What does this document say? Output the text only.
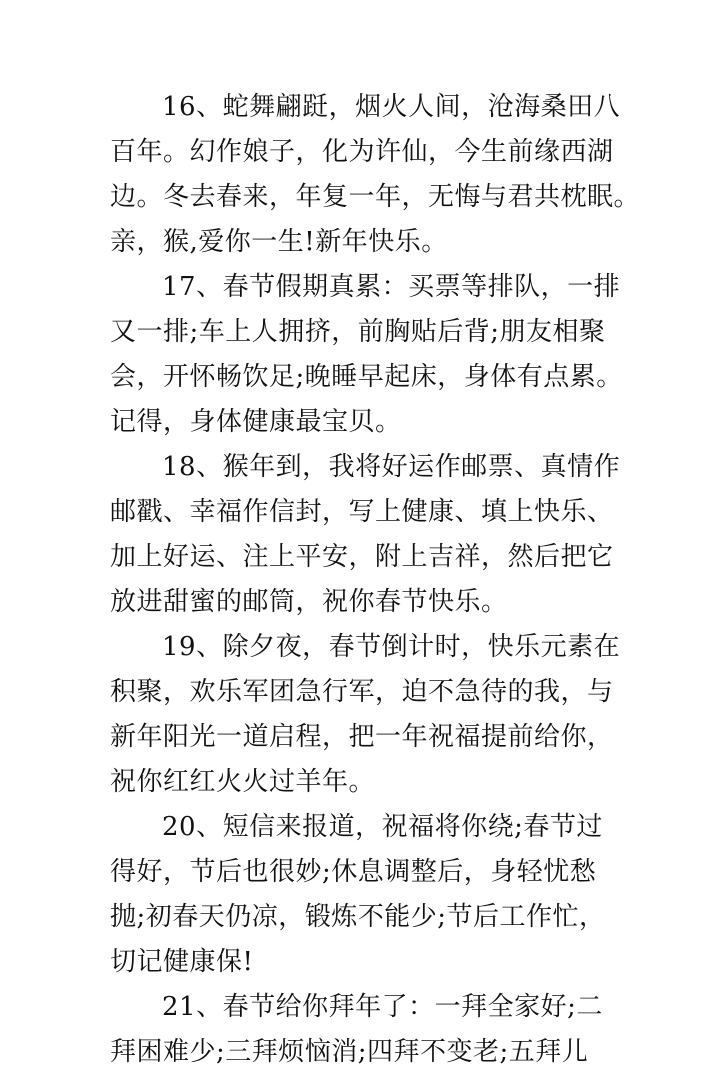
16、蛇舞翩跹，烟火人间，沧海桑田八
百年。幻作娘子，化为许仙，今生前缘西湖
边。冬去春来，年复一年，无悔与君共枕眠。
亲，猴,爱你一生!新年快乐。
17、春节假期真累：买票等排队，一排
又一排;车上人拥挤，前胸贴后背;朋友相聚
会，开怀畅饮足;晚睡早起床，身体有点累。
记得，身体健康最宝贝。
18、猴年到，我将好运作邮票、真情作
邮戳、幸福作信封，写上健康、填上快乐、
加上好运、注上平安，附上吉祥，然后把它
放进甜蜜的邮筒，祝你春节快乐。
19、除夕夜，春节倒计时，快乐元素在
积聚，欢乐军团急行军，迫不急待的我，与
新年阳光一道启程，把一年祝福提前给你，
祝你红红火火过羊年。
20、短信来报道，祝福将你绕;春节过
得好，节后也很妙;休息调整后，身轻忧愁
抛;初春天仍凉，锻炼不能少;节后工作忙，
切记健康保!
21、春节给你拜年了：一拜全家好;二
拜困难少;三拜烦恼消;四拜不变老;五拜儿
